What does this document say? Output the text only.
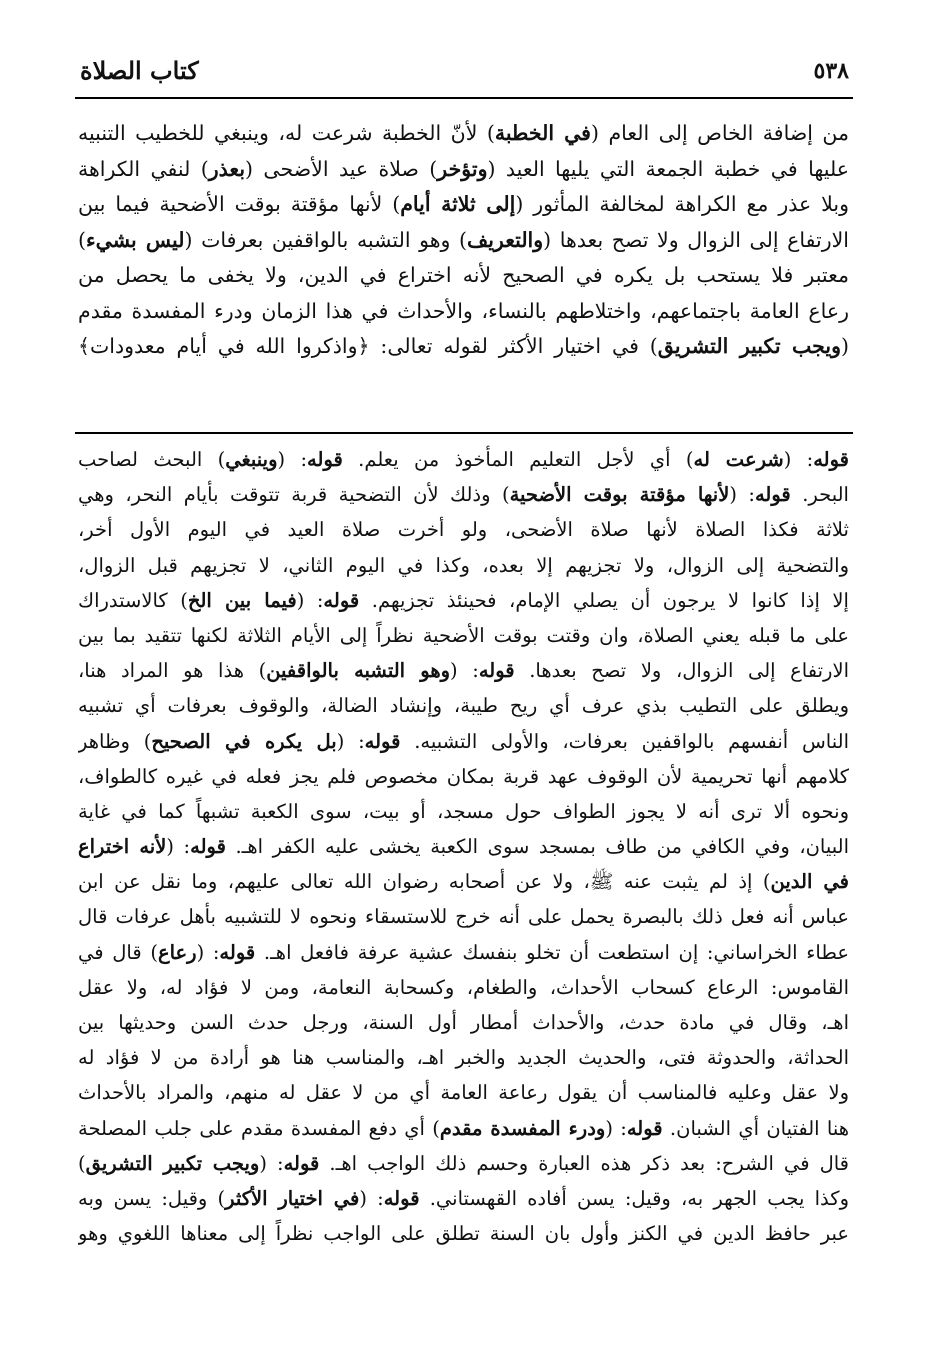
٥٣٨
كتاب الصلاة
من إضافة الخاص إلى العام (في الخطبة) لأنّ الخطبة شرعت له، وينبغي للخطيب التنبيه
عليها في خطبة الجمعة التي يليها العيد (وتؤخر) صلاة عيد الأضحى (بعذر) لنفي الكراهة
وبلا عذر مع الكراهة لمخالفة المأثور (إلى ثلاثة أيام) لأنها مؤقتة بوقت الأضحية فيما بين
الارتفاع إلى الزوال ولا تصح بعدها (والتعريف) وهو التشبه بالواقفين بعرفات (ليس بشيء)
معتبر فلا يستحب بل يكره في الصحيح لأنه اختراع في الدين، ولا يخفى ما يحصل من
رعاع العامة باجتماعهم، واختلاطهم بالنساء، والأحداث في هذا الزمان ودرء المفسدة مقدم
(ويجب تكبير التشريق) في اختيار الأكثر لقوله تعالى: ﴿واذكروا الله في أيام معدودات﴾
قوله: (شرعت له) أي لأجل التعليم المأخوذ من يعلم. قوله: (وينبغي) البحث لصاحب
البحر. قوله: (لأنها مؤقتة بوقت الأضحية) وذلك لأن التضحية قربة تتوقت بأيام النحر، وهي
ثلاثة فكذا الصلاة لأنها صلاة الأضحى، ولو أخرت صلاة العيد في اليوم الأول أخر،
والتضحية إلى الزوال، ولا تجزيهم إلا بعده، وكذا في اليوم الثاني، لا تجزيهم قبل الزوال،
إلا إذا كانوا لا يرجون أن يصلي الإمام، فحينئذ تجزيهم. قوله: (فيما بين الخ) كالاستدراك
على ما قبله يعني الصلاة، وان وقتت بوقت الأضحية نظراً إلى الأيام الثلاثة لكنها تتقيد بما بين
الارتفاع إلى الزوال، ولا تصح بعدها. قوله: (وهو التشبه بالواقفين) هذا هو المراد هنا،
ويطلق على التطيب بذي عرف أي ريح طيبة، وإنشاد الضالة، والوقوف بعرفات أي تشبيه
الناس أنفسهم بالواقفين بعرفات، والأولى التشبيه. قوله: (بل يكره في الصحيح) وظاهر
كلامهم أنها تحريمية لأن الوقوف عهد قربة بمكان مخصوص فلم يجز فعله في غيره كالطواف،
ونحوه ألا ترى أنه لا يجوز الطواف حول مسجد، أو بيت، سوى الكعبة تشبهاً كما في غاية
البيان، وفي الكافي من طاف بمسجد سوى الكعبة يخشى عليه الكفر اهـ. قوله: (لأنه اختراع
في الدين) إذ لم يثبت عنه ﷺ، ولا عن أصحابه رضوان الله تعالى عليهم، وما نقل عن ابن
عباس أنه فعل ذلك بالبصرة يحمل على أنه خرج للاستسقاء ونحوه لا للتشبيه بأهل عرفات قال
عطاء الخراساني: إن استطعت أن تخلو بنفسك عشية عرفة فافعل اهـ. قوله: (رعاع) قال في
القاموس: الرعاع كسحاب الأحداث، والطغام، وكسحابة النعامة، ومن لا فؤاد له، ولا عقل
اهـ، وقال في مادة حدث، والأحداث أمطار أول السنة، ورجل حدث السن وحديثها بين
الحداثة، والحدوثة فتى، والحديث الجديد والخبر اهـ، والمناسب هنا هو أرادة من لا فؤاد له
ولا عقل وعليه فالمناسب أن يقول رعاعة العامة أي من لا عقل له منهم، والمراد بالأحداث
هنا الفتيان أي الشبان. قوله: (ودرء المفسدة مقدم) أي دفع المفسدة مقدم على جلب المصلحة
قال في الشرح: بعد ذكر هذه العبارة وحسم ذلك الواجب اهـ. قوله: (ويجب تكبير التشريق)
وكذا يجب الجهر به، وقيل: يسن أفاده القهستاني. قوله: (في اختيار الأكثر) وقيل: يسن وبه
عبر حافظ الدين في الكنز وأول بان السنة تطلق على الواجب نظراً إلى معناها اللغوي وهو
